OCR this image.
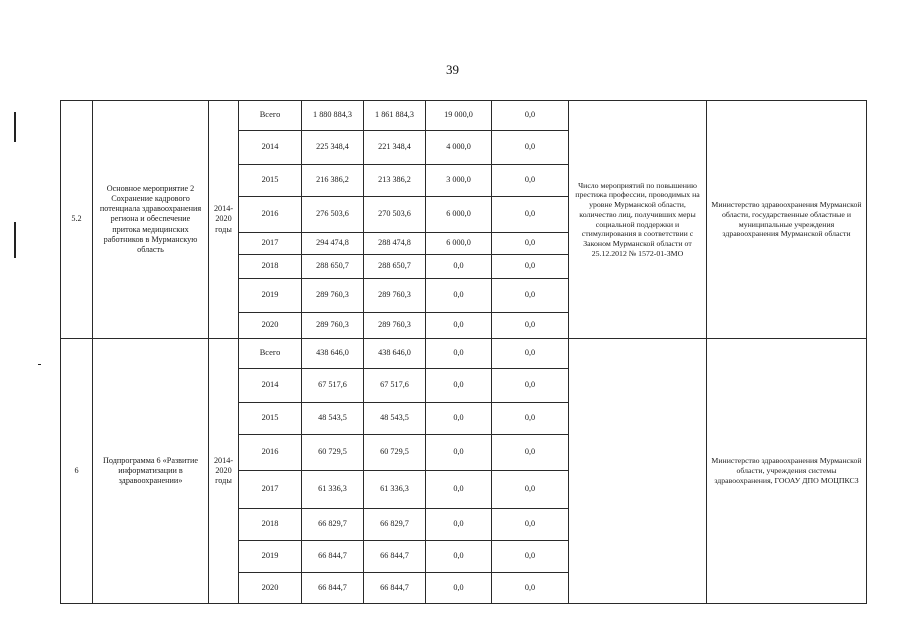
39
5.2	Основное мероприятие 2 Сохранение кадрового потенциала здравоохранения региона и обеспечение притока медицинских работников в Мурманскую область	2014-2020 годы	Всего	1 880 884,3	1 861 884,3	19 000,0	0,0	Число мероприятий по повышению престижа профессии, проводимых на уровне Мурманской области, количество лиц, получивших меры социальной поддержки и стимулирования в соответствии с Законом Мурманской области от 25.12.2012 № 1572-01-ЗМО	Министерство здравоохранения Мурманской области, государственные областные и муниципальные учреждения здравоохранения Мурманской области
			2014	225 348,4	221 348,4	4 000,0	0,0		
			2015	216 386,2	213 386,2	3 000,0	0,0		
			2016	276 503,6	270 503,6	6 000,0	0,0		
			2017	294 474,8	288 474,8	6 000,0	0,0		
			2018	288 650,7	288 650,7	0,0	0,0		
			2019	289 760,3	289 760,3	0,0	0,0		
			2020	289 760,3	289 760,3	0,0	0,0		
6	Подпрограмма 6 «Развитие информатизации в здравоохранении»	2014-2020 годы	Всего	438 646,0	438 646,0	0,0	0,0		Министерство здравоохранения Мурманской области, учреждения системы здравоохранения, ГООАУ ДПО МОЦПКСЗ
			2014	67 517,6	67 517,6	0,0	0,0		
			2015	48 543,5	48 543,5	0,0	0,0		
			2016	60 729,5	60 729,5	0,0	0,0		
			2017	61 336,3	61 336,3	0,0	0,0		
			2018	66 829,7	66 829,7	0,0	0,0		
			2019	66 844,7	66 844,7	0,0	0,0		
			2020	66 844,7	66 844,7	0,0	0,0		
